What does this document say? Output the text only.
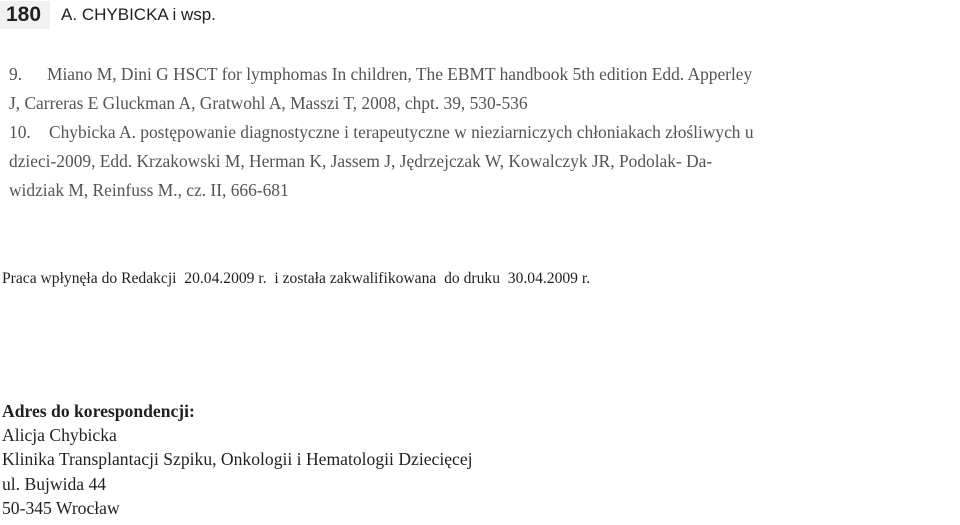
180	A. CHYBICKA i wsp.
9.	Miano M, Dini G HSCT for lymphomas In children, The EBMT handbook 5th edition Edd. Apperley
J, Carreras E Gluckman A, Gratwohl A, Masszi T, 2008, chpt. 39, 530-536
10.	Chybicka A. postępowanie diagnostyczne i terapeutyczne w nieziarniczych chłoniakach złośliwych u
dzieci-2009, Edd. Krzakowski M, Herman K, Jassem J, Jędrzejczak W, Kowalczyk JR, Podolak- Da-
widziak M, Reinfuss M., cz. II, 666-681
Praca wpłynęła do Redakcji  20.04.2009 r.  i została zakwalifikowana  do druku  30.04.2009 r.
Adres do korespondencji:
Alicja Chybicka
Klinika Transplantacji Szpiku, Onkologii i Hematologii Dziecięcej
ul. Bujwida 44
50-345 Wrocław
